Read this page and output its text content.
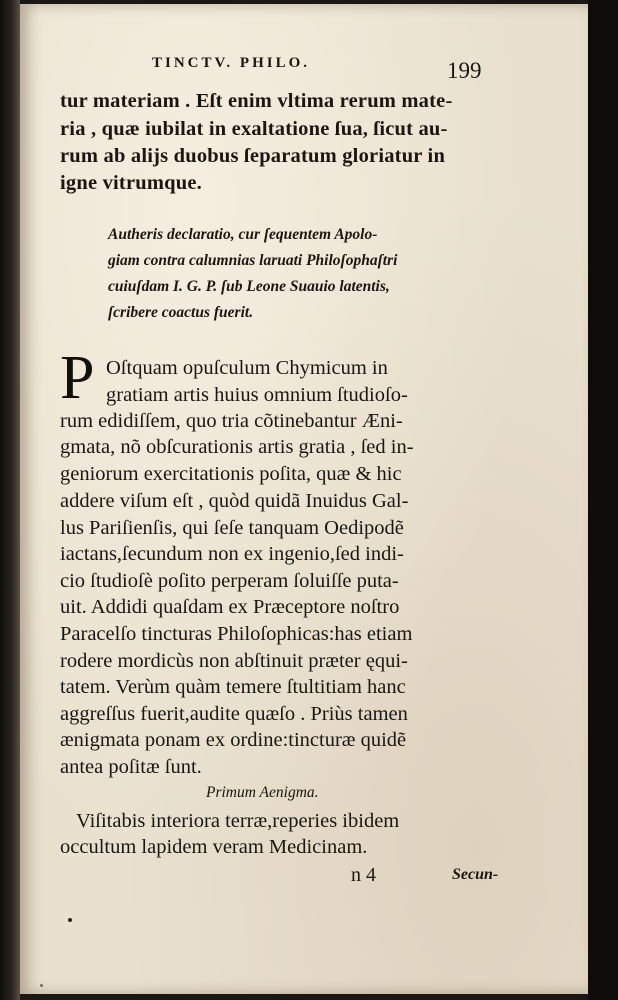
TINCTV. PHILO.	199
tur materiam . Eſt enim vltima rerum mate-
ria , quæ iubilat in exaltatione ſua, ſicut au-
rum ab alijs duobus ſeparatum gloriatur in
igne vitrumque.
Autheris declaratio, cur ſequentem Apolo-
giam contra calumnias laruati Philoſophaſtri
cuiuſdam I. G. P. ſub Leone Suauio latentis,
ſcribere coactus fuerit.
P Oſtquam opuſculum Chymicum in
gratiam artis huius omnium ſtudioſo-
rum edidiſſem, quo tria cõtinebantur Æni-
gmata, nõ obſcurationis artis gratia , ſed in-
geniorum exercitationis poſita, quæ & hic
addere viſum eſt , quòd quidã Inuidus Gal-
lus Pariſienſis, qui ſeſe tanquam Oedipodẽ
iactans,ſecundum non ex ingenio,ſed indi-
cio ſtudioſè poſito perperam ſoluiſſe puta-
uit. Addidi quaſdam ex Præceptore noſtro
Paracelſo tincturas Philoſophicas:has etiam
rodere mordicùs non abſtinuit præter ęqui-
tatem. Verùm quàm temere ſtultitiam hanc
aggreſſus fuerit,audite quæſo . Priùs tamen
ænigmata ponam ex ordine:tincturæ quidẽ
antea poſitæ ſunt.
Primum Aenigma.
Viſitabis interiora terræ,reperies ibidem
occultum lapidem veram Medicinam.
n 4	Secun-
